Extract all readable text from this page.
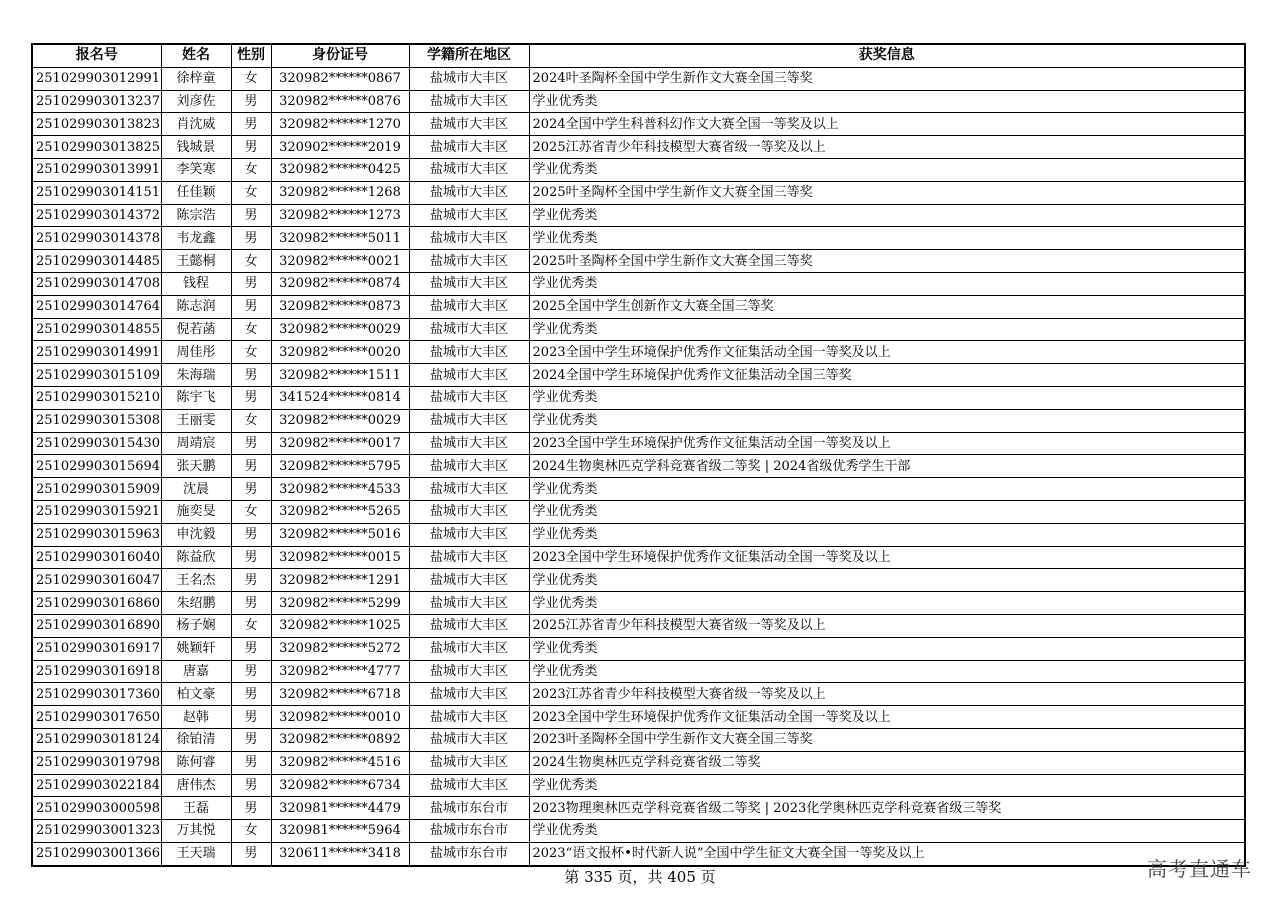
报名号	姓名	性别	身份证号	学籍所在地区	获奖信息
251029903012991	徐梓童	女	320982******0867	盐城市大丰区	2024叶圣陶杯全国中学生新作文大赛全国三等奖
251029903013237	刘彦佐	男	320982******0876	盐城市大丰区	学业优秀类
251029903013823	肖沈威	男	320982******1270	盐城市大丰区	2024全国中学生科普科幻作文大赛全国一等奖及以上
251029903013825	钱城景	男	320902******2019	盐城市大丰区	2025江苏省青少年科技模型大赛省级一等奖及以上
251029903013991	李笑寒	女	320982******0425	盐城市大丰区	学业优秀类
251029903014151	任佳颖	女	320982******1268	盐城市大丰区	2025叶圣陶杯全国中学生新作文大赛全国三等奖
251029903014372	陈宗浩	男	320982******1273	盐城市大丰区	学业优秀类
251029903014378	韦龙鑫	男	320982******5011	盐城市大丰区	学业优秀类
251029903014485	王懿桐	女	320982******0021	盐城市大丰区	2025叶圣陶杯全国中学生新作文大赛全国三等奖
251029903014708	钱程	男	320982******0874	盐城市大丰区	学业优秀类
251029903014764	陈志润	男	320982******0873	盐城市大丰区	2025全国中学生创新作文大赛全国三等奖
251029903014855	倪若菡	女	320982******0029	盐城市大丰区	学业优秀类
251029903014991	周佳彤	女	320982******0020	盐城市大丰区	2023全国中学生环境保护优秀作文征集活动全国一等奖及以上
251029903015109	朱海瑞	男	320982******1511	盐城市大丰区	2024全国中学生环境保护优秀作文征集活动全国三等奖
251029903015210	陈宇飞	男	341524******0814	盐城市大丰区	学业优秀类
251029903015308	王丽雯	女	320982******0029	盐城市大丰区	学业优秀类
251029903015430	周靖宸	男	320982******0017	盐城市大丰区	2023全国中学生环境保护优秀作文征集活动全国一等奖及以上
251029903015694	张天鹏	男	320982******5795	盐城市大丰区	2024生物奥林匹克学科竞赛省级二等奖 | 2024省级优秀学生干部
251029903015909	沈晨	男	320982******4533	盐城市大丰区	学业优秀类
251029903015921	施奕旻	女	320982******5265	盐城市大丰区	学业优秀类
251029903015963	申沈毅	男	320982******5016	盐城市大丰区	学业优秀类
251029903016040	陈益欣	男	320982******0015	盐城市大丰区	2023全国中学生环境保护优秀作文征集活动全国一等奖及以上
251029903016047	王名杰	男	320982******1291	盐城市大丰区	学业优秀类
251029903016860	朱绍鹏	男	320982******5299	盐城市大丰区	学业优秀类
251029903016890	杨子娴	女	320982******1025	盐城市大丰区	2025江苏省青少年科技模型大赛省级一等奖及以上
251029903016917	姚颖轩	男	320982******5272	盐城市大丰区	学业优秀类
251029903016918	唐嘉	男	320982******4777	盐城市大丰区	学业优秀类
251029903017360	柏文豪	男	320982******6718	盐城市大丰区	2023江苏省青少年科技模型大赛省级一等奖及以上
251029903017650	赵韩	男	320982******0010	盐城市大丰区	2023全国中学生环境保护优秀作文征集活动全国一等奖及以上
251029903018124	徐铂清	男	320982******0892	盐城市大丰区	2023叶圣陶杯全国中学生新作文大赛全国三等奖
251029903019798	陈何睿	男	320982******4516	盐城市大丰区	2024生物奥林匹克学科竞赛省级二等奖
251029903022184	唐伟杰	男	320982******6734	盐城市大丰区	学业优秀类
251029903000598	王磊	男	320981******4479	盐城市东台市	2023物理奥林匹克学科竞赛省级二等奖 | 2023化学奥林匹克学科竞赛省级三等奖
251029903001323	万其悦	女	320981******5964	盐城市东台市	学业优秀类
251029903001366	王天瑞	男	320611******3418	盐城市东台市	2023“语文报杯•时代新人说”全国中学生征文大赛全国一等奖及以上
第 335 页，共 405 页	高考直通车
